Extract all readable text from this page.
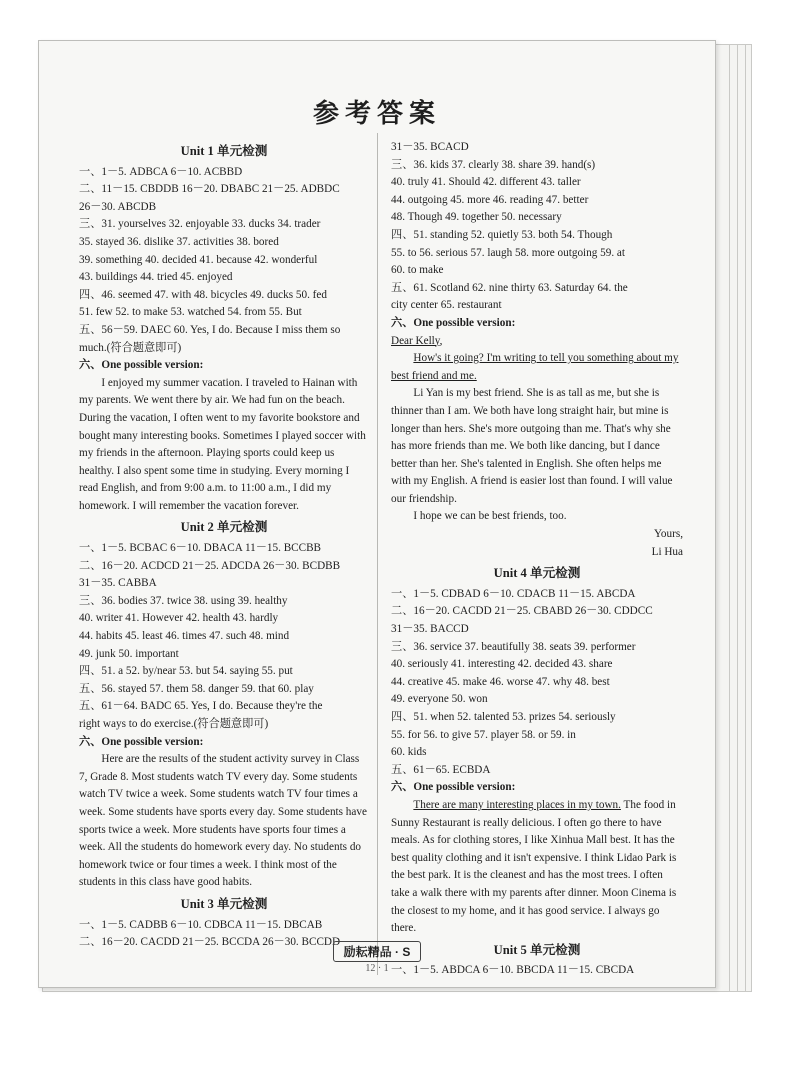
参考答案
Unit 1 单元检测

一、1－5. ADBCA 6－10. ACBBD

二、11－15. CBDDB 16－20. DBABC 21－25. ADBDC

26－30. ABCDB

三、31. yourselves 32. enjoyable 33. ducks 34. trader

35. stayed 36. dislike 37. activities 38. bored

39. something 40. decided 41. because 42. wonderful

43. buildings 44. tried 45. enjoyed

四、46. seemed 47. with 48. bicycles 49. ducks 50. fed

51. few 52. to make 53. watched 54. from 55. But

五、56－59. DAEC 60. Yes, I do. Because I miss them so

much.(符合题意即可)

六、One possible version:

I enjoyed my summer vacation. I traveled to Hainan with my parents. We went there by air. We had fun on the beach. During the vacation, I often went to my favorite bookstore and bought many interesting books. Sometimes I played soccer with my friends in the afternoon. Playing sports could keep us healthy. I also spent some time in studying. Every morning I read English, and from 9:00 a.m. to 11:00 a.m., I did my homework. I will remember the vacation forever.

Unit 2 单元检测

一、1－5. BCBAC 6－10. DBACA 11－15. BCCBB

二、16－20. ACDCD 21－25. ADCDA 26－30. BCDBB

31－35. CABBA

三、36. bodies 37. twice 38. using 39. healthy

40. writer 41. However 42. health 43. hardly

44. habits 45. least 46. times 47. such 48. mind

49. junk 50. important

四、51. a 52. by/near 53. but 54. saying 55. put

五、56. stayed 57. them 58. danger 59. that 60. play

五、61－64. BADC 65. Yes, I do. Because they're the

right ways to do exercise.(符合题意即可)

六、One possible version:

Here are the results of the student activity survey in Class 7, Grade 8. Most students watch TV every day. Some students watch TV twice a week. Some students watch TV four times a week. Some students have sports every day. Some students have sports twice a week. More students have sports four times a week. All the students do homework every day. No students do homework twice or four times a week. I think most of the students in this class have good habits.

Unit 3 单元检测

一、1－5. CADBB 6－10. CDBCA 11－15. DBCAB

二、16－20. CACDD 21－25. BCCDA 26－30. BCCDD

31－35. BCACD

三、36. kids 37. clearly 38. share 39. hand(s)

40. truly 41. Should 42. different 43. taller

44. outgoing 45. more 46. reading 47. better

48. Though 49. together 50. necessary

四、51. standing 52. quietly 53. both 54. Though

55. to 56. serious 57. laugh 58. more outgoing 59. at

60. to make

五、61. Scotland 62. nine thirty 63. Saturday 64. the

city center 65. restaurant

六、One possible version:

Dear Kelly,

How's it going? I'm writing to tell you something about my best friend and me.

Li Yan is my best friend. She is as tall as me, but she is thinner than I am. We both have long straight hair, but mine is longer than hers. She's more outgoing than me. That's why she has more friends than me. We both like dancing, but I dance better than her. She's talented in English. She often helps me with my English. A friend is easier lost than found. I will value our friendship.

I hope we can be best friends, too.

Yours,

Li Hua

Unit 4 单元检测

一、1－5. CDBAD 6－10. CDACB 11－15. ABCDA

二、16－20. CACDD 21－25. CBABD 26－30. CDDCC

31－35. BACCD

三、36. service 37. beautifully 38. seats 39. performer

40. seriously 41. interesting 42. decided 43. share

44. creative 45. make 46. worse 47. why 48. best

49. everyone 50. won

四、51. when 52. talented 53. prizes 54. seriously

55. for 56. to give 57. player 58. or 59. in

60. kids

五、61－65. ECBDA

六、One possible version:

There are many interesting places in my town. The food in Sunny Restaurant is really delicious. I often go there to have meals. As for clothing stores, I like Xinhua Mall best. It has the best quality clothing and it isn't expensive. I think Lidao Park is the best park. It is the cleanest and has the most trees. I often take a walk there with my parents after dinner. Moon Cinema is the closest to my home, and it has good service. I always go there.

Unit 5 单元检测

一、1－5. ABDCA 6－10. BBCDA 11－15. CBCDA

励耘精品 · S
12 · 1
